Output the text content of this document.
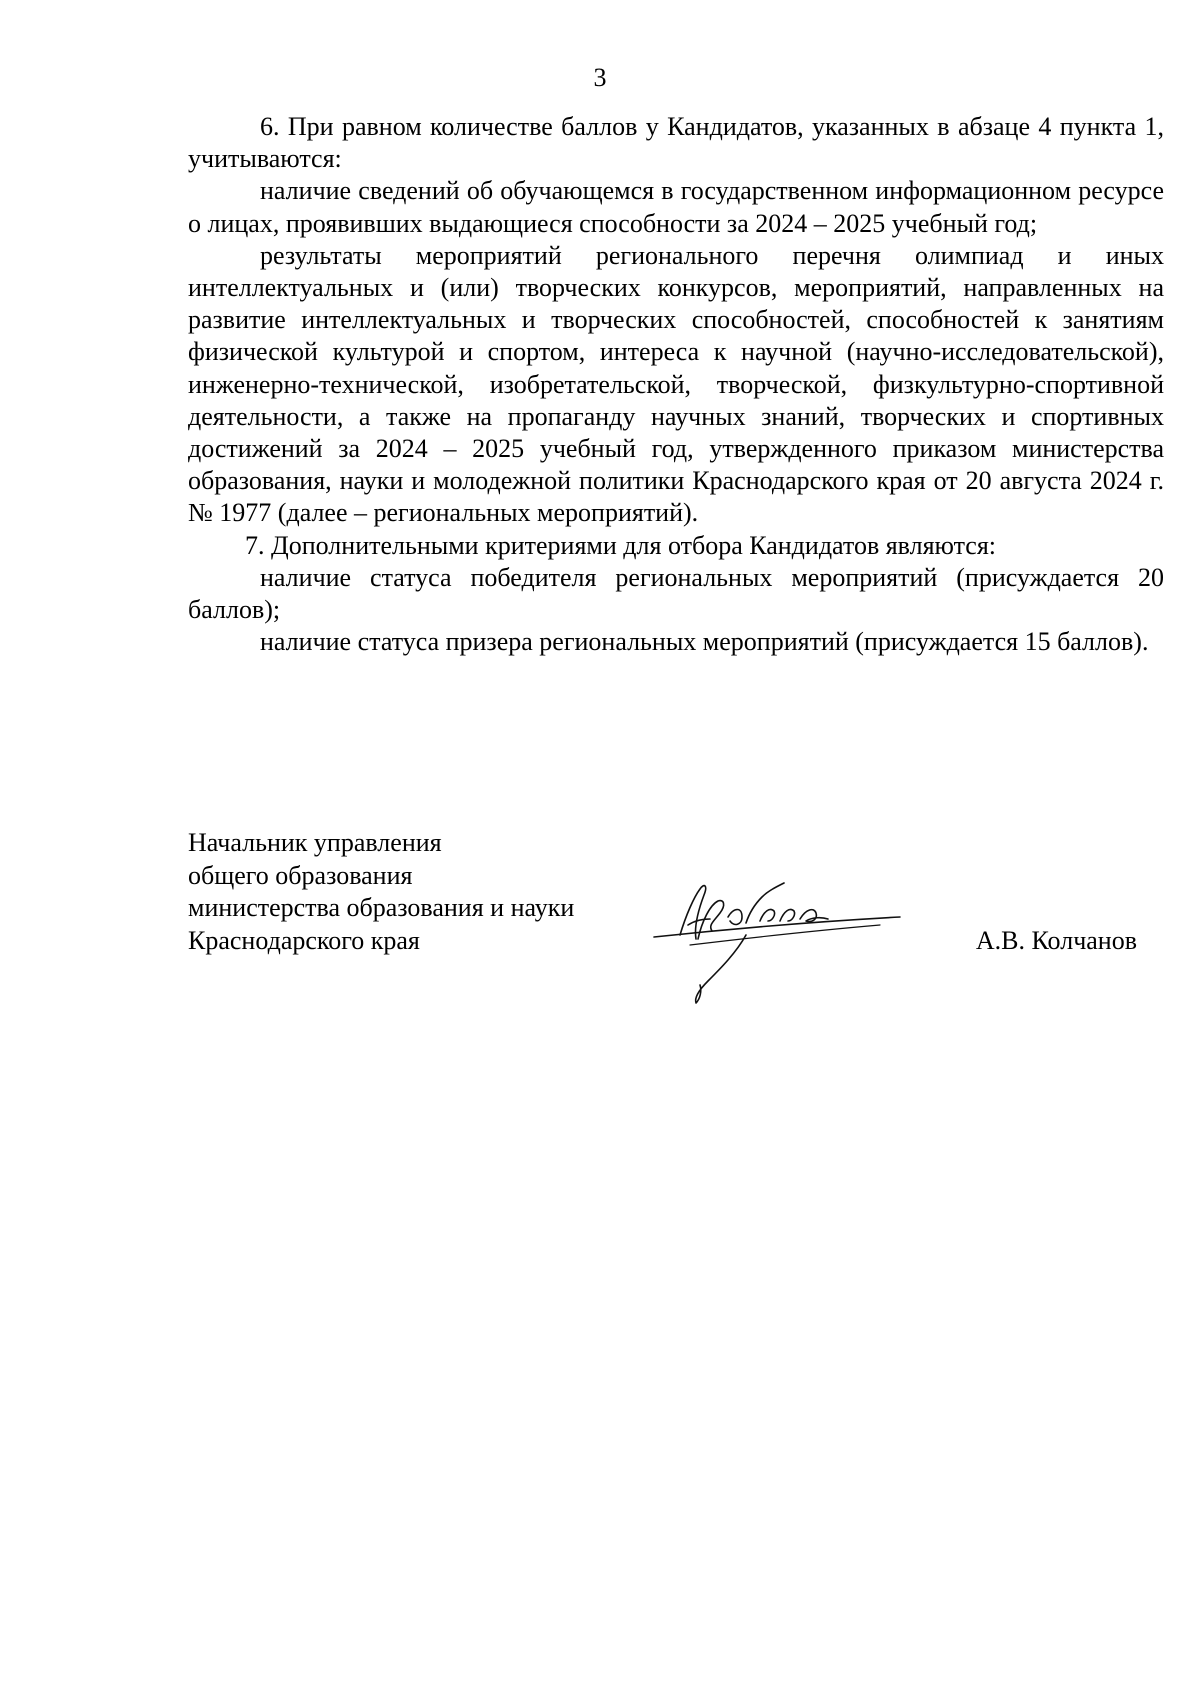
3

6. При равном количестве баллов у Кандидатов, указанных в абзаце 4 пункта 1, учитываются:

наличие сведений об обучающемся в государственном информационном ресурсе о лицах, проявивших выдающиеся способности за 2024 – 2025 учебный год;

результаты мероприятий регионального перечня олимпиад и иных интеллектуальных и (или) творческих конкурсов, мероприятий, направленных на развитие интеллектуальных и творческих способностей, способностей к занятиям физической культурой и спортом, интереса к научной (научно-исследовательской), инженерно-технической, изобретательской, творческой, физкультурно-спортивной деятельности, а также на пропаганду научных знаний, творческих и спортивных достижений за 2024 – 2025 учебный год, утвержденного приказом министерства образования, науки и молодежной политики Краснодарского края от 20 августа 2024 г. № 1977 (далее – региональных мероприятий).

7. Дополнительными критериями для отбора Кандидатов являются:

наличие статуса победителя региональных мероприятий (присуждается 20 баллов);

наличие статуса призера региональных мероприятий (присуждается 15 баллов).

Начальник управления
общего образования
министерства образования и науки
Краснодарского края	А.В. Колчанов
